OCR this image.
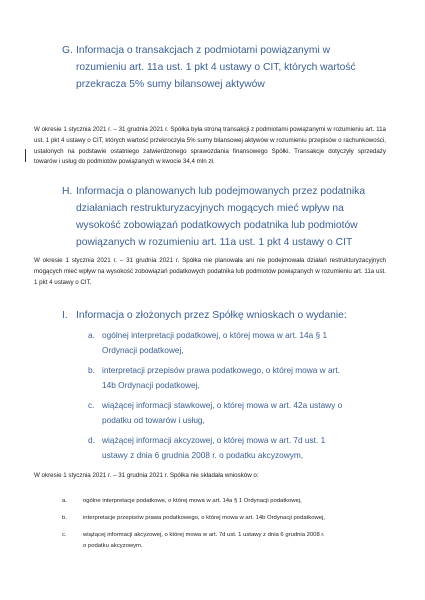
G. Informacja o transakcjach z podmiotami powiązanymi w
rozumieniu art. 11a ust. 1 pkt 4 ustawy o CIT, których wartość
przekracza 5% sumy bilansowej aktywów
W okresie 1 stycznia 2021 r. – 31 grudnia 2021 r. Spółka była stroną transakcji z podmiotami powiązanymi w rozumieniu art. 11a ust. 1 pkt 4 ustawy o CIT, których wartość przekroczyła 5% sumy bilansowej aktywów w rozumieniu przepisów o rachunkowości, ustalonych na podstawie ostatniego zatwierdzonego sprawozdania finansowego Spółki. Transakcje dotyczyły sprzedaży towarów i usług do podmiotów powiązanych w kwocie 34,4 mln zł.
H. Informacja o planowanych lub podejmowanych przez podatnika
działaniach restrukturyzacyjnych mogących mieć wpływ na
wysokość zobowiązań podatkowych podatnika lub podmiotów
powiązanych w rozumieniu art. 11a ust. 1 pkt 4 ustawy o CIT
W okresie 1 stycznia 2021 r. – 31 grudnia 2021 r. Spółka nie planowała ani nie podejmowała działań restrukturyzacyjnych mogących mieć wpływ na wysokość zobowiązań podatkowych podatnika lub podmiotów powiązanych w rozumieniu art. 11a ust. 1 pkt 4 ustawy o CIT.
I. Informacja o złożonych przez Spółkę wnioskach o wydanie:
a. ogólnej interpretacji podatkowej, o której mowa w art. 14a § 1
Ordynacji podatkowej,
b. interpretacji przepisów prawa podatkowego, o której mowa w art.
14b Ordynacji podatkowej,
c. wiążącej informacji stawkowej, o której mowa w art. 42a ustawy o
podatku od towarów i usług,
d. wiążącej informacji akcyzowej, o której mowa w art. 7d ust. 1
ustawy z dnia 6 grudnia 2008 r. o podatku akcyzowym,
W okresie 1 stycznia 2021 r. – 31 grudnia 2021 r. Spółka nie składała wniosków o:
a.	ogólne interpretacje podatkowe, o której mowa w art. 14a § 1 Ordynacji podatkowej,
b.	interpretacje przepisów prawa podatkowego, o której mowa w art. 14b Ordynacji podatkowej,
c.	wiążącej informacji akcyzowej, o której mowa w art. 7d ust. 1 ustawy z dnia 6 grudnia 2008 r.
o podatku akcyzowym.
